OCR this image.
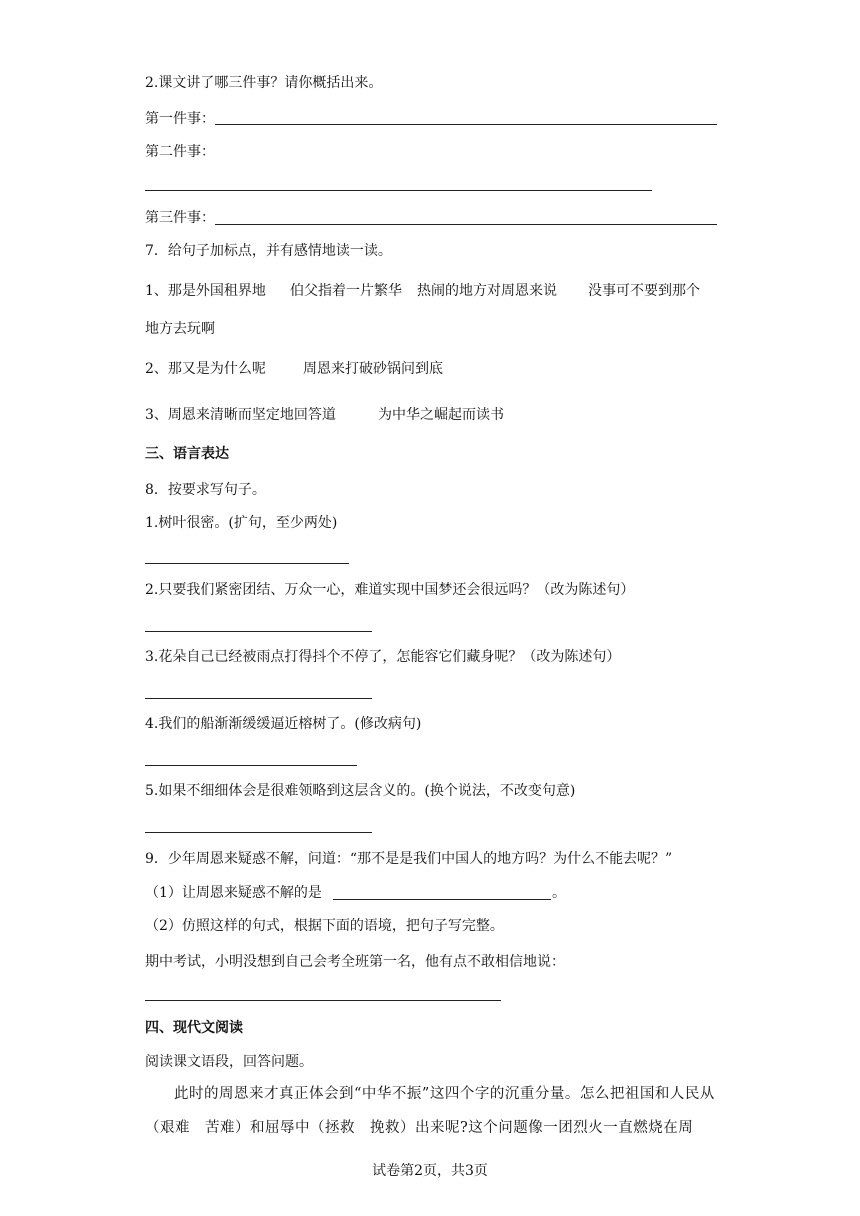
2.课文讲了哪三件事？请你概括出来。
第一件事：
第二件事：
第三件事：
7．给句子加标点，并有感情地读一读。
1、那是外国租界地 伯父指着一片繁华 热闹的地方对周恩来说 没事可不要到那个
地方去玩啊
2、那又是为什么呢	周恩来打破砂锅问到底
3、周恩来清晰而坚定地回答道	为中华之崛起而读书
三、语言表达
8．按要求写句子。
1.树叶很密。(扩句，至少两处)
2.只要我们紧密团结、万众一心，难道实现中国梦还会很远吗？（改为陈述句）
3.花朵自己已经被雨点打得抖个不停了，怎能容它们藏身呢？（改为陈述句）
4.我们的船渐渐缓缓逼近榕树了。(修改病句)
5.如果不细细体会是很难领略到这层含义的。(换个说法，不改变句意)
9．少年周恩来疑惑不解，问道：“那不是是我们中国人的地方吗？为什么不能去呢？”
（1）让周恩来疑惑不解的是	。
（2）仿照这样的句式，根据下面的语境，把句子写完整。
期中考试，小明没想到自己会考全班第一名，他有点不敢相信地说：
四、现代文阅读
阅读课文语段，回答问题。
此时的周恩来才真正体会到“中华不振”这四个字的沉重分量。怎么把祖国和人民从（艰难　苦难）和屈辱中（拯救　挽救）出来呢?这个问题像一团烈火一直燃烧在周
试卷第2页，共3页
